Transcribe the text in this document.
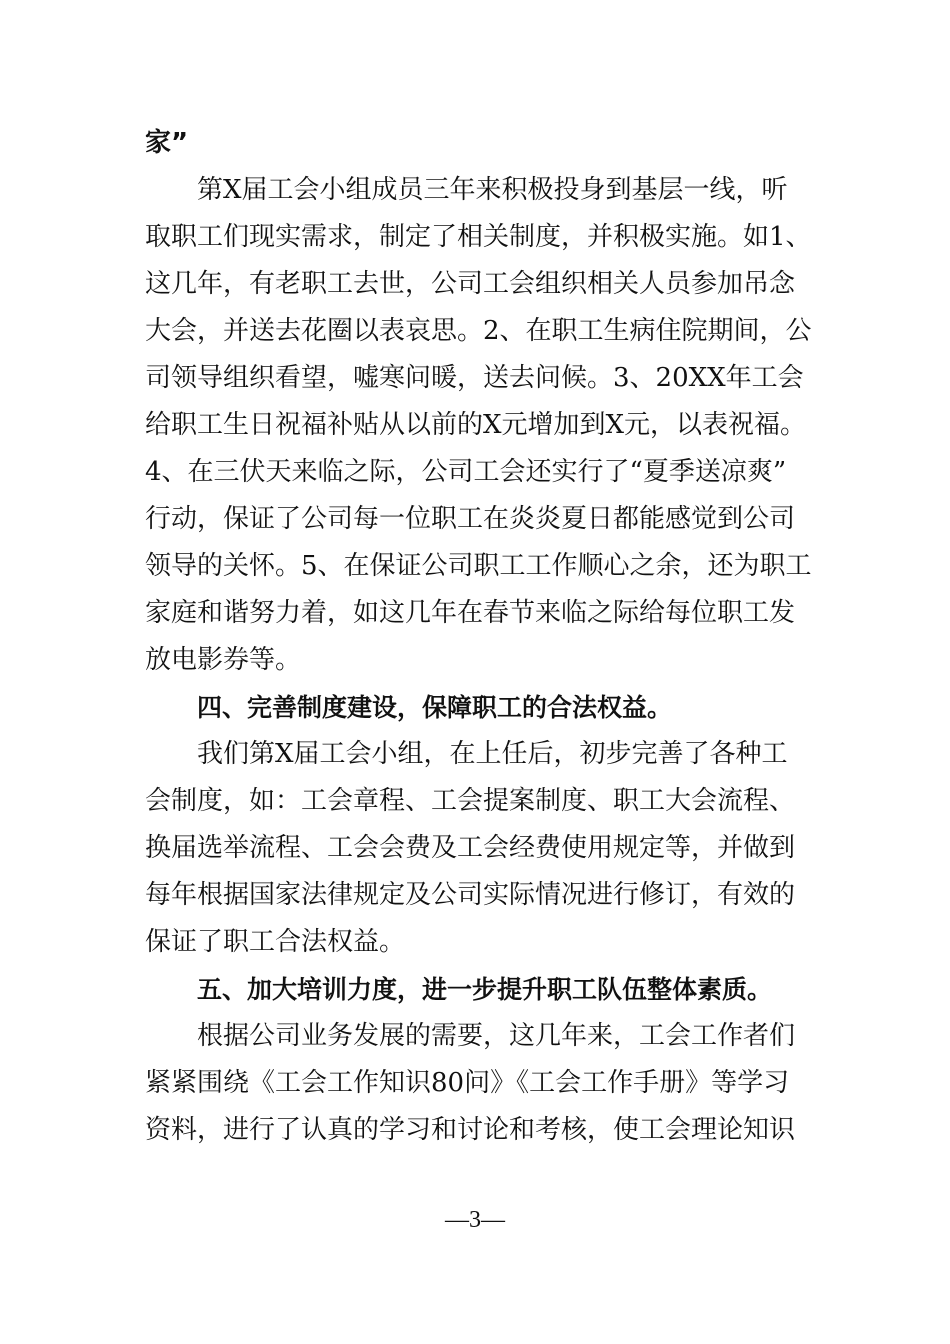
家”
第X届工会小组成员三年来积极投身到基层一线，听
取职工们现实需求，制定了相关制度，并积极实施。如1、
这几年，有老职工去世，公司工会组织相关人员参加吊念
大会，并送去花圈以表哀思。2、在职工生病住院期间，公
司领导组织看望，嘘寒问暖，送去问候。3、20XX年工会
给职工生日祝福补贴从以前的X元增加到X元，以表祝福。
4、在三伏天来临之际，公司工会还实行了“夏季送凉爽”
行动，保证了公司每一位职工在炎炎夏日都能感觉到公司
领导的关怀。5、在保证公司职工工作顺心之余，还为职工
家庭和谐努力着，如这几年在春节来临之际给每位职工发
放电影券等。
四、完善制度建设，保障职工的合法权益。
我们第X届工会小组，在上任后，初步完善了各种工
会制度，如：工会章程、工会提案制度、职工大会流程、
换届选举流程、工会会费及工会经费使用规定等，并做到
每年根据国家法律规定及公司实际情况进行修订，有效的
保证了职工合法权益。
五、加大培训力度，进一步提升职工队伍整体素质。
根据公司业务发展的需要，这几年来，工会工作者们
紧紧围绕《工会工作知识80问》《工会工作手册》等学习
资料，进行了认真的学习和讨论和考核，使工会理论知识
—3—
